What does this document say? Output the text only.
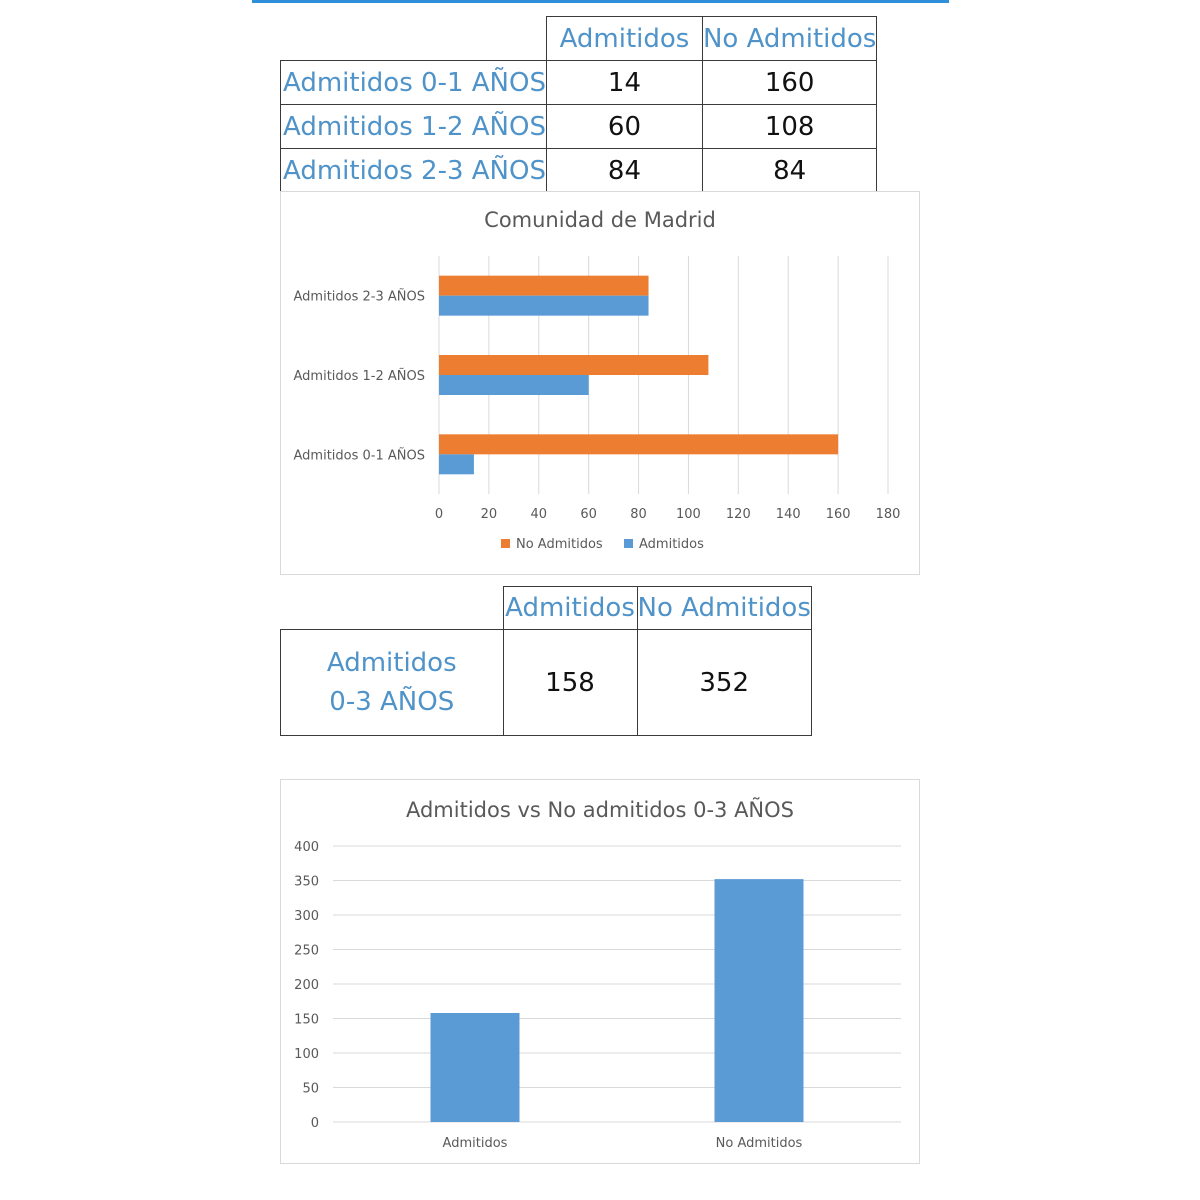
	Admitidos	No Admitidos
Admitidos 0-1 AÑOS	14	160
Admitidos 1-2 AÑOS	60	108
Admitidos 2-3 AÑOS	84	84
Comunidad de Madrid
0	20	40	60	80 100 120 140 160 180
Admitidos 0-1 AÑOS
Admitidos 1-2 AÑOS
Admitidos 2-3 AÑOS
No Admitidos	Admitidos
	Admitidos	No Admitidos

Admitidos 0-3 AÑOS	158	352
Admitidos vs No admitidos 0-3 AÑOS
0
50
100
150
200
250
300
350
400
Admitidos	No Admitidos
